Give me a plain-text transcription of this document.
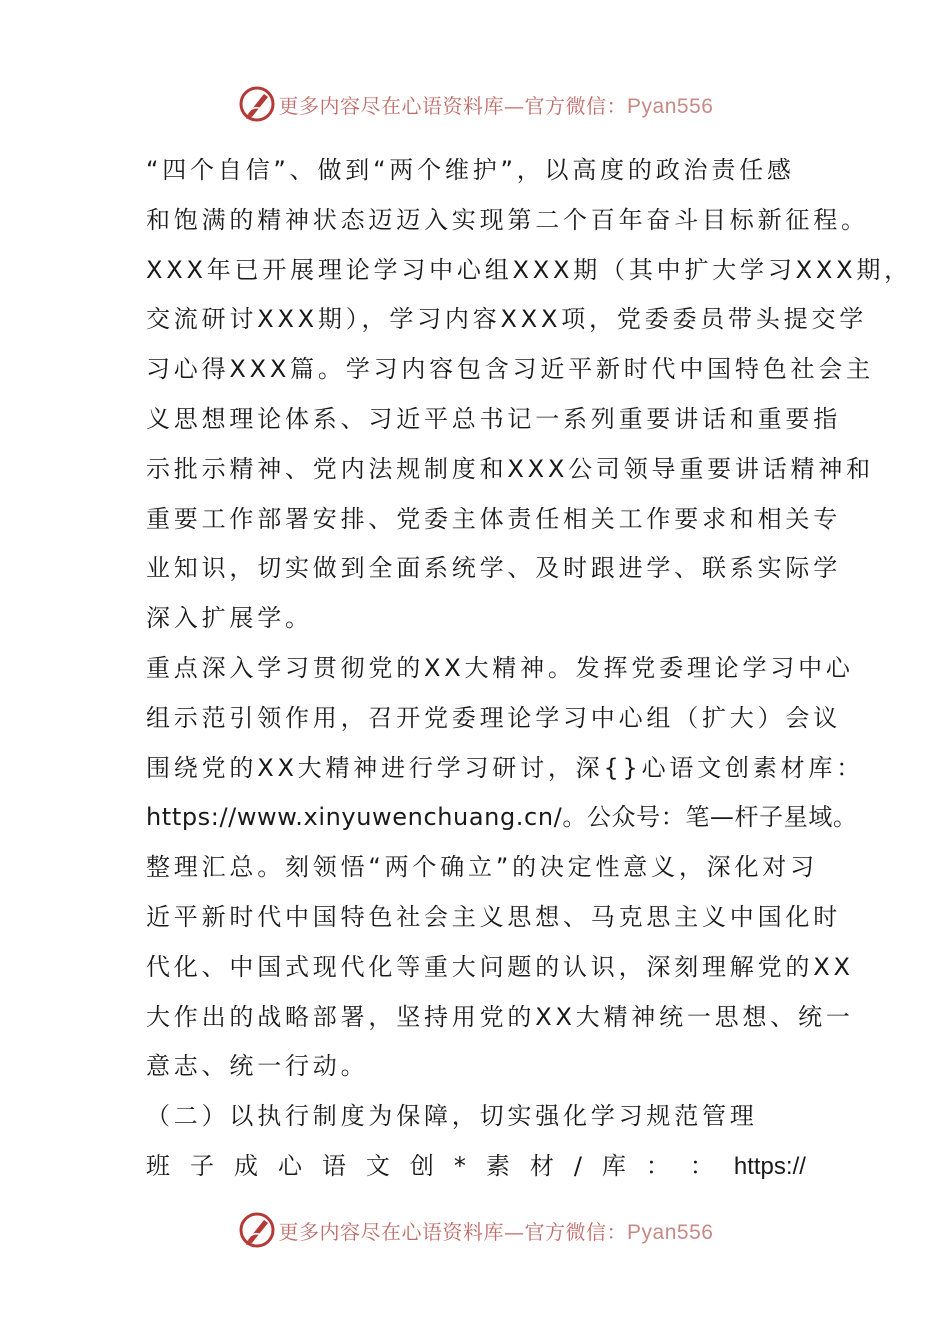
更多内容尽在心语资料库—官方微信：Pyan556
“四个自信”、做到“两个维护”，以高度的政治责任感
和饱满的精神状态迈迈入实现第二个百年奋斗目标新征程。
XXX年已开展理论学习中心组XXX期（其中扩大学习XXX期，
交流研讨XXX期），学习内容XXX项，党委委员带头提交学
习心得XXX篇。学习内容包含习近平新时代中国特色社会主
义思想理论体系、习近平总书记一系列重要讲话和重要指
示批示精神、党内法规制度和XXX公司领导重要讲话精神和
重要工作部署安排、党委主体责任相关工作要求和相关专
业知识，切实做到全面系统学、及时跟进学、联系实际学
深入扩展学。
重点深入学习贯彻党的XX大精神。发挥党委理论学习中心
组示范引领作用，召开党委理论学习中心组（扩大）会议
围绕党的XX大精神进行学习研讨，深{}心语文创素材库：
https://www.xinyuwenchuang.cn/。公众号：笔—杆子星域。
整理汇总。刻领悟“两个确立”的决定性意义，深化对习
近平新时代中国特色社会主义思想、马克思主义中国化时
代化、中国式现代化等重大问题的认识，深刻理解党的XX
大作出的战略部署，坚持用党的XX大精神统一思想、统一
意志、统一行动。
（二）以执行制度为保障，切实强化学习规范管理
班 子 成 心 语 文 创 * 素 材 / 库 ： ： https://
更多内容尽在心语资料库—官方微信：Pyan556
